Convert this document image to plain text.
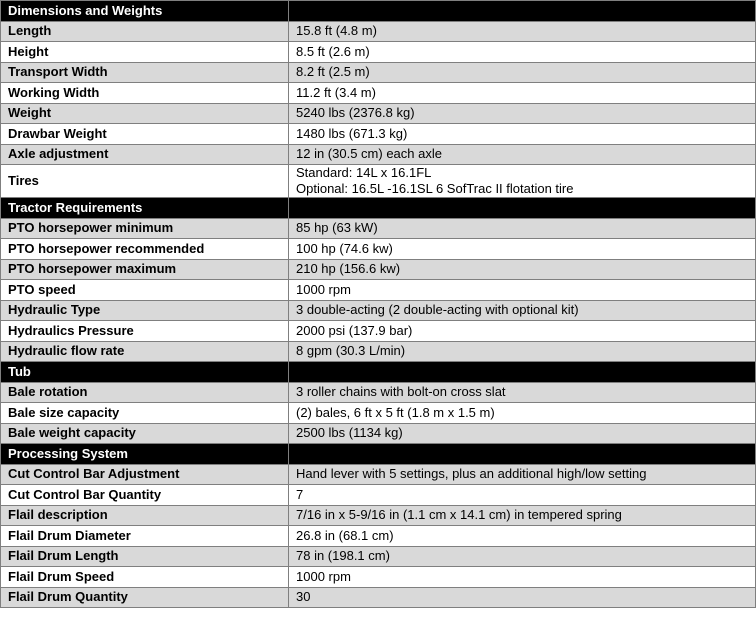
Dimensions and Weights	
Length	15.8 ft (4.8 m)
Height	8.5 ft (2.6 m)
Transport Width	8.2 ft (2.5 m)
Working Width	11.2 ft (3.4 m)
Weight	5240 lbs (2376.8 kg)
Drawbar Weight	1480 lbs (671.3 kg)
Axle adjustment	12 in (30.5 cm) each axle
Tires	Standard: 14L x 16.1FL
Optional: 16.5L -16.1SL 6 SofTrac II flotation tire

Tractor Requirements	
PTO horsepower minimum	85 hp (63 kW)
PTO horsepower recommended	100 hp (74.6 kw)
PTO horsepower maximum	210 hp (156.6 kw)
PTO speed	1000 rpm
Hydraulic Type	3 double-acting (2 double-acting with optional kit)
Hydraulics Pressure	2000 psi (137.9 bar)
Hydraulic flow rate	8 gpm (30.3 L/min)
Tub	
Bale rotation	3 roller chains with bolt-on cross slat
Bale size capacity	(2) bales, 6 ft x 5 ft (1.8 m x 1.5 m)
Bale weight capacity	2500 lbs (1134 kg)
Processing System	
Cut Control Bar Adjustment	Hand lever with 5 settings, plus an additional high/low setting
Cut Control Bar Quantity	7
Flail description	7/16 in x 5-9/16 in (1.1 cm x 14.1 cm) in tempered spring
Flail Drum Diameter	26.8 in (68.1 cm)
Flail Drum Length	78 in (198.1 cm)
Flail Drum Speed	1000 rpm
Flail Drum Quantity	30
